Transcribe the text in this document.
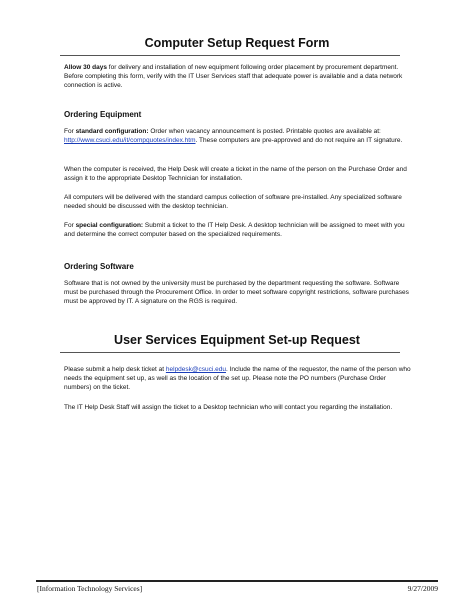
Computer Setup Request Form

Allow 30 days for delivery and installation of new equipment following order placement by procurement department. Before completing this form, verify with the IT User Services staff that adequate power is available and a data network connection is active.

Ordering Equipment

For standard configuration: Order when vacancy announcement is posted. Printable quotes are available at: http://www.csuci.edu/it/compquotes/index.htm. These computers are pre-approved and do not require an IT signature.

When the computer is received, the Help Desk will create a ticket in the name of the person on the Purchase Order and assign it to the appropriate Desktop Technician for installation.

All computers will be delivered with the standard campus collection of software pre-installed. Any specialized software needed should be discussed with the desktop technician.

For special configuration: Submit a ticket to the IT Help Desk. A desktop technician will be assigned to meet with you and determine the correct computer based on the specialized requirements.

Ordering Software

Software that is not owned by the university must be purchased by the department requesting the software. Software must be purchased through the Procurement Office. In order to meet software copyright restrictions, software purchases must be approved by IT. A signature on the RGS is required.

User Services Equipment Set-up Request

Please submit a help desk ticket at helpdesk@csuci.edu. Include the name of the requestor, the name of the person who needs the equipment set up, as well as the location of the set up. Please note the PO numbers (Purchase Order numbers) on the ticket.

The IT Help Desk Staff will assign the ticket to a Desktop technician who will contact you regarding the installation.

[Information Technology Services]	9/27/2009
